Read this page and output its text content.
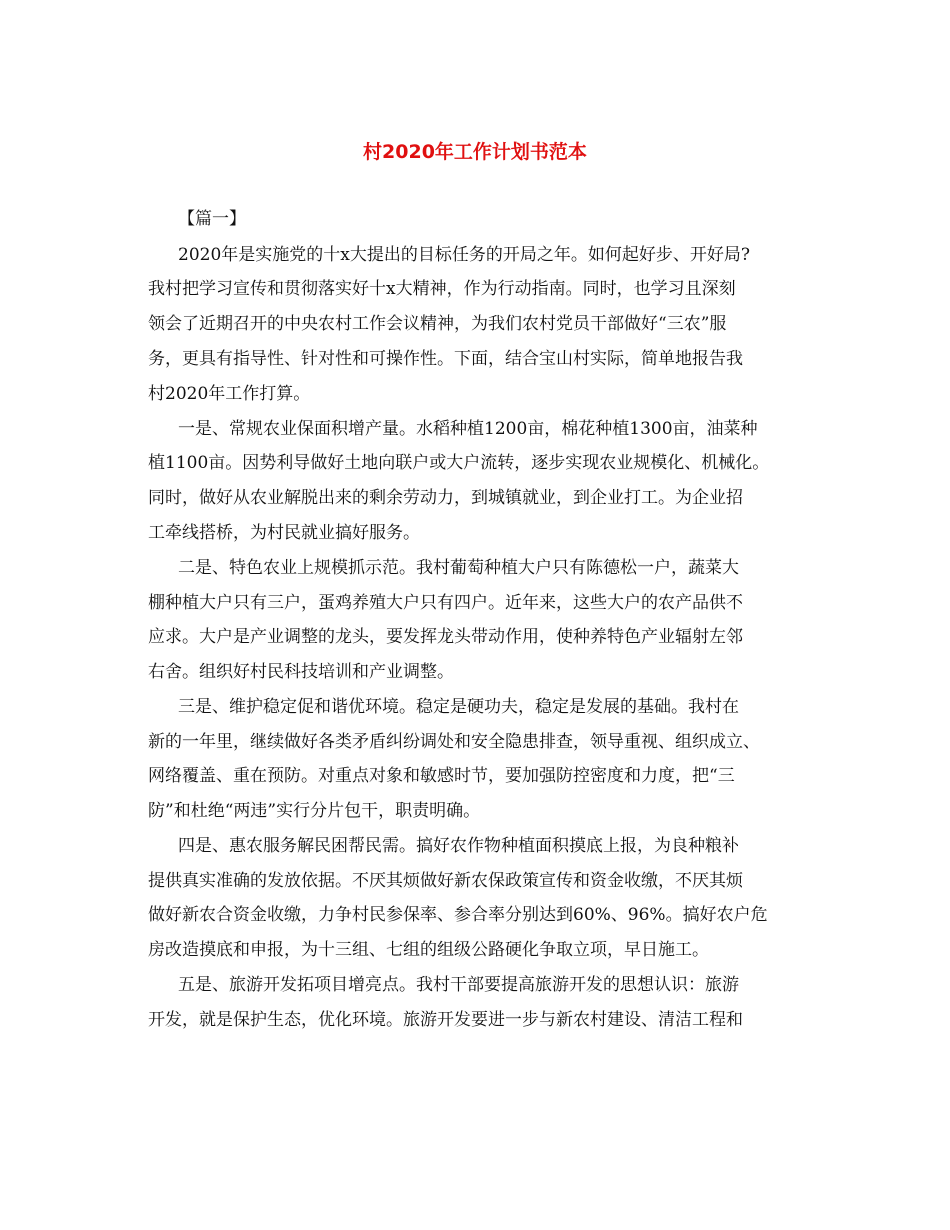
村2020年工作计划书范本
【篇一】
2020年是实施党的十x大提出的目标任务的开局之年。如何起好步、开好局?
我村把学习宣传和贯彻落实好十x大精神，作为行动指南。同时，也学习且深刻
领会了近期召开的中央农村工作会议精神，为我们农村党员干部做好“三农”服
务，更具有指导性、针对性和可操作性。下面，结合宝山村实际，简单地报告我
村2020年工作打算。
一是、常规农业保面积增产量。水稻种植1200亩，棉花种植1300亩，油菜种
植1100亩。因势利导做好土地向联户或大户流转，逐步实现农业规模化、机械化。
同时，做好从农业解脱出来的剩余劳动力，到城镇就业，到企业打工。为企业招
工牵线搭桥，为村民就业搞好服务。
二是、特色农业上规模抓示范。我村葡萄种植大户只有陈德松一户，蔬菜大
棚种植大户只有三户，蛋鸡养殖大户只有四户。近年来，这些大户的农产品供不
应求。大户是产业调整的龙头，要发挥龙头带动作用，使种养特色产业辐射左邻
右舍。组织好村民科技培训和产业调整。
三是、维护稳定促和谐优环境。稳定是硬功夫，稳定是发展的基础。我村在
新的一年里，继续做好各类矛盾纠纷调处和安全隐患排查，领导重视、组织成立、
网络覆盖、重在预防。对重点对象和敏感时节，要加强防控密度和力度，把“三
防”和杜绝“两违”实行分片包干，职责明确。
四是、惠农服务解民困帮民需。搞好农作物种植面积摸底上报，为良种粮补
提供真实准确的发放依据。不厌其烦做好新农保政策宣传和资金收缴，不厌其烦
做好新农合资金收缴，力争村民参保率、参合率分别达到60%、96%。搞好农户危
房改造摸底和申报，为十三组、七组的组级公路硬化争取立项，早日施工。
五是、旅游开发拓项目增亮点。我村干部要提高旅游开发的思想认识：旅游
开发，就是保护生态，优化环境。旅游开发要进一步与新农村建设、清洁工程和
